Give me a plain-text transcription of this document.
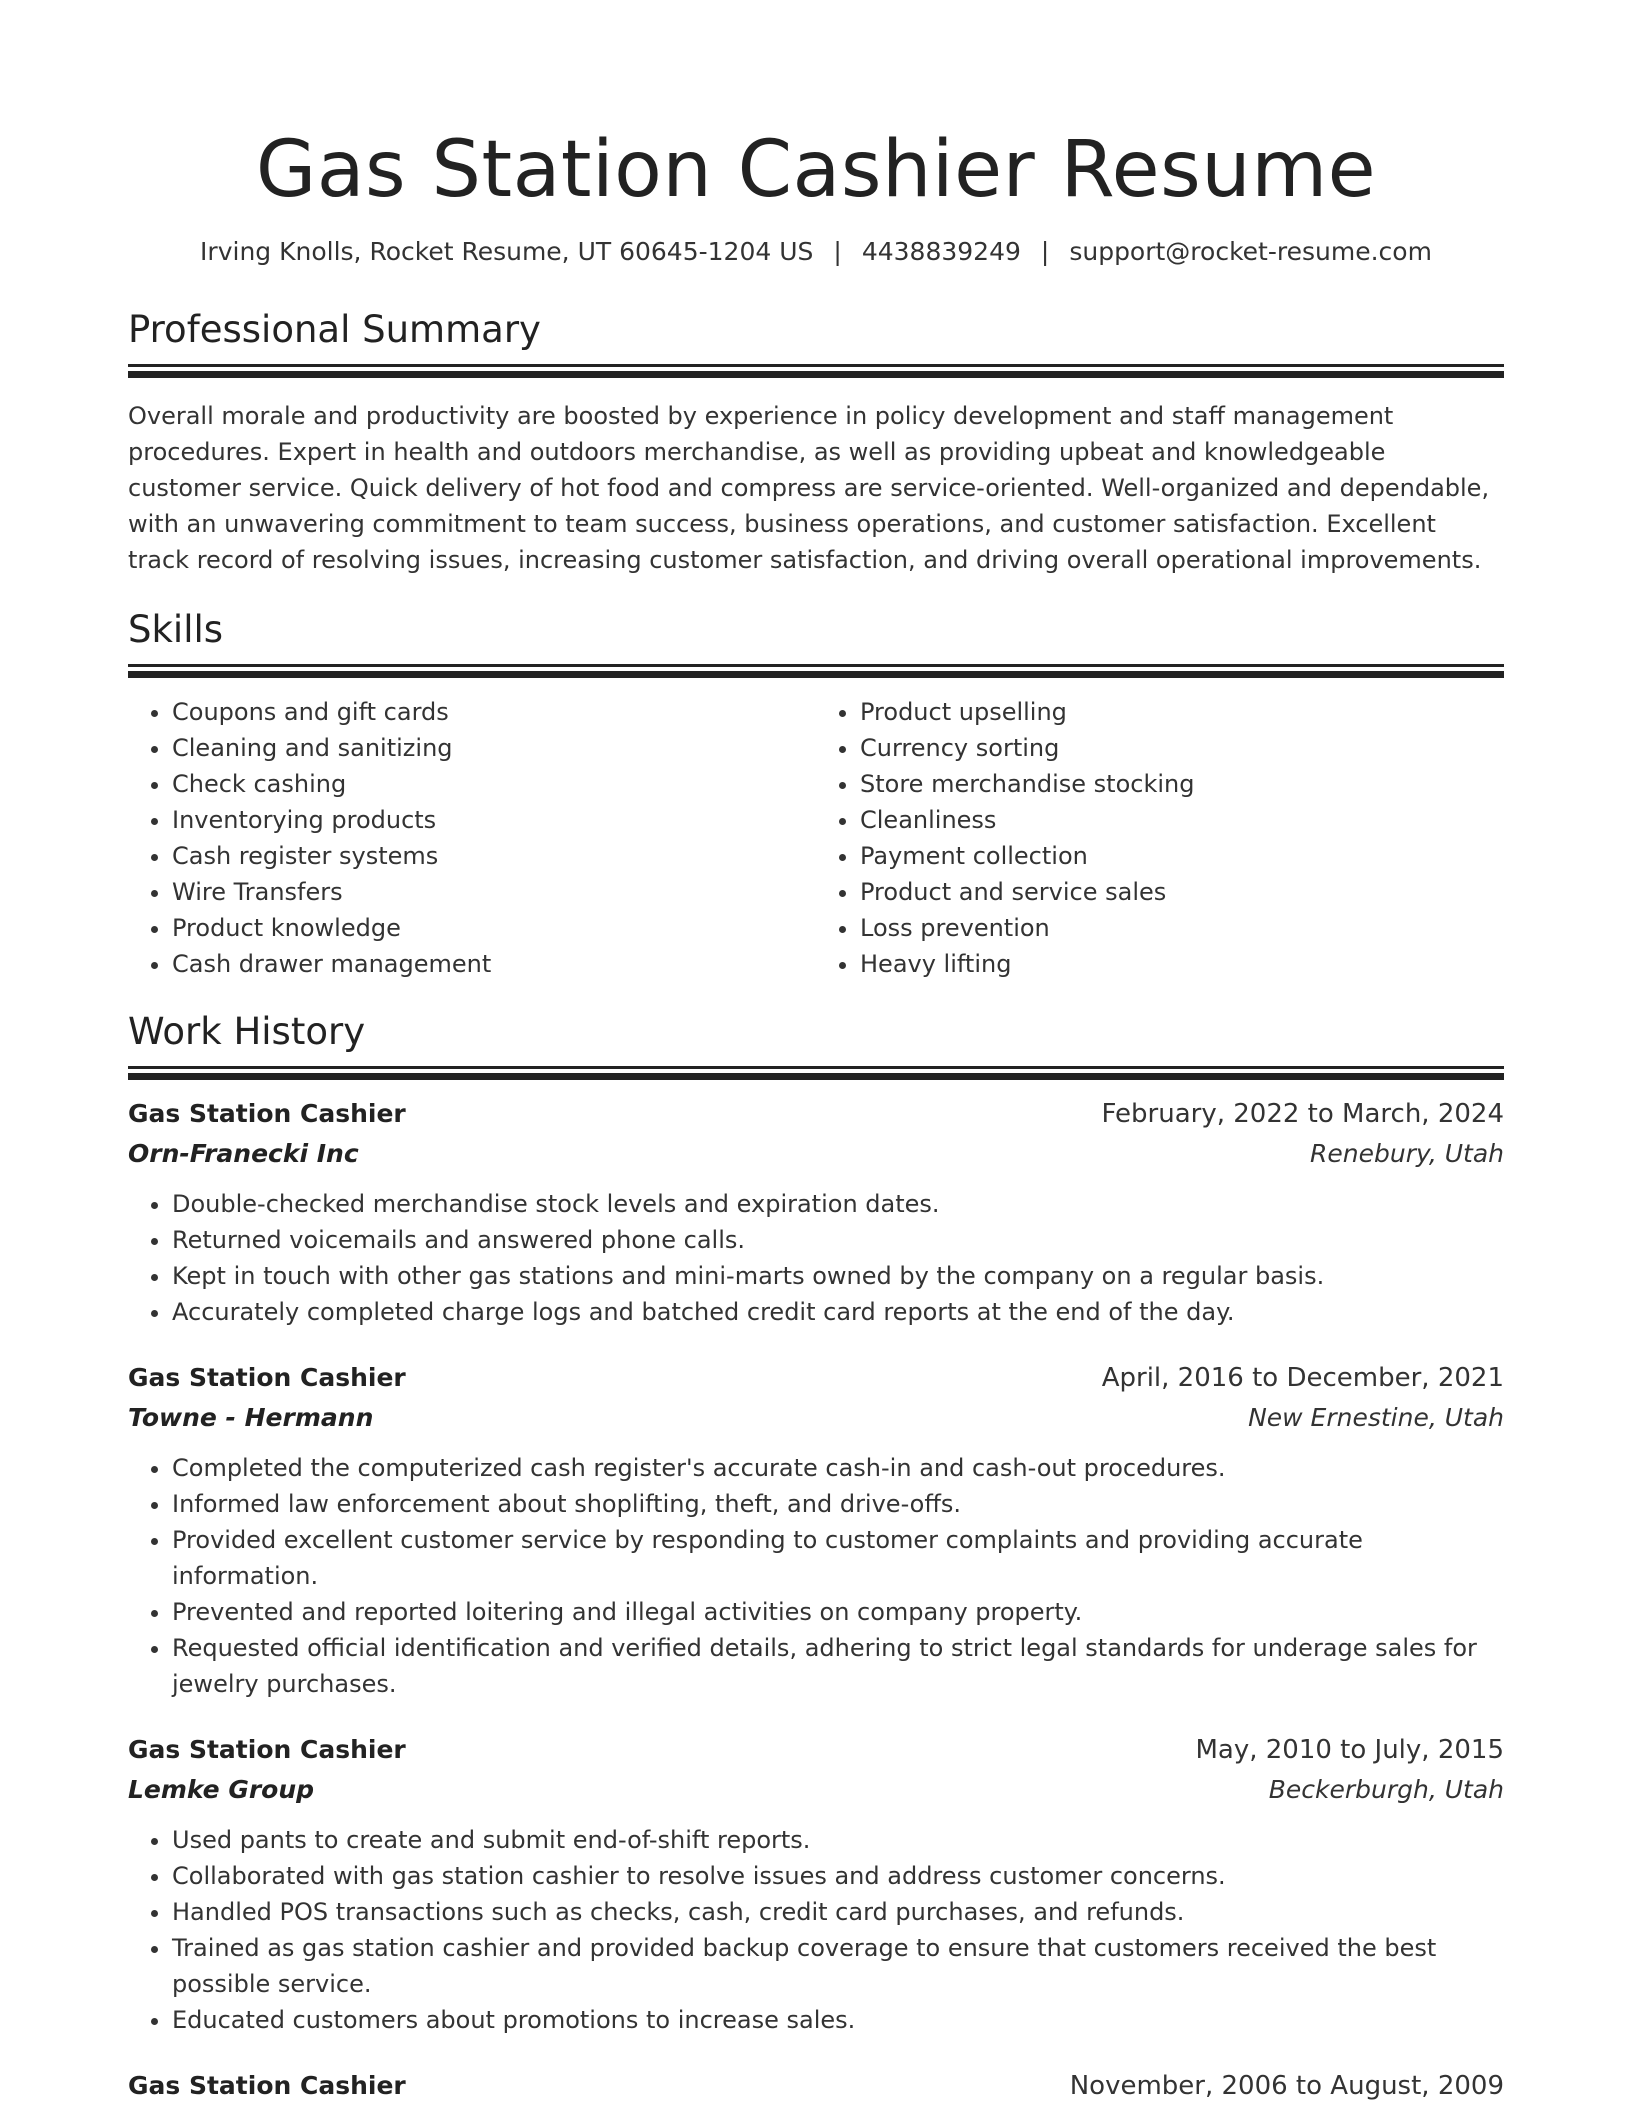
Gas Station Cashier Resume
Irving Knolls, Rocket Resume, UT 60645-1204 US | 4438839249 | support@rocket-resume.com
Professional Summary

Overall morale and productivity are boosted by experience in policy development and staff management procedures. Expert in health and outdoors merchandise, as well as providing upbeat and knowledgeable customer service. Quick delivery of hot food and compress are service-oriented. Well-organized and dependable, with an unwavering commitment to team success, business operations, and customer satisfaction. Excellent track record of resolving issues, increasing customer satisfaction, and driving overall operational improvements.

Skills
• Coupons and gift cards
• Cleaning and sanitizing
• Check cashing
• Inventorying products
• Cash register systems
• Wire Transfers
• Product knowledge
• Cash drawer management
• Product upselling
• Currency sorting
• Store merchandise stocking
• Cleanliness
• Payment collection
• Product and service sales
• Loss prevention
• Heavy lifting
Work History
Gas Station Cashier	February, 2022 to March, 2024
Orn-Franecki Inc	Renebury, Utah
• Double-checked merchandise stock levels and expiration dates.
• Returned voicemails and answered phone calls.
• Kept in touch with other gas stations and mini-marts owned by the company on a regular basis.
• Accurately completed charge logs and batched credit card reports at the end of the day.
Gas Station Cashier	April, 2016 to December, 2021
Towne - Hermann	New Ernestine, Utah
• Completed the computerized cash register's accurate cash-in and cash-out procedures.
• Informed law enforcement about shoplifting, theft, and drive-offs.
• Provided excellent customer service by responding to customer complaints and providing accurate information.
• Prevented and reported loitering and illegal activities on company property.
• Requested official identification and verified details, adhering to strict legal standards for underage sales for jewelry purchases.
Gas Station Cashier	May, 2010 to July, 2015
Lemke Group	Beckerburgh, Utah
• Used pants to create and submit end-of-shift reports.
• Collaborated with gas station cashier to resolve issues and address customer concerns.
• Handled POS transactions such as checks, cash, credit card purchases, and refunds.
• Trained as gas station cashier and provided backup coverage to ensure that customers received the best possible service.
• Educated customers about promotions to increase sales.
Gas Station Cashier	November, 2006 to August, 2009
